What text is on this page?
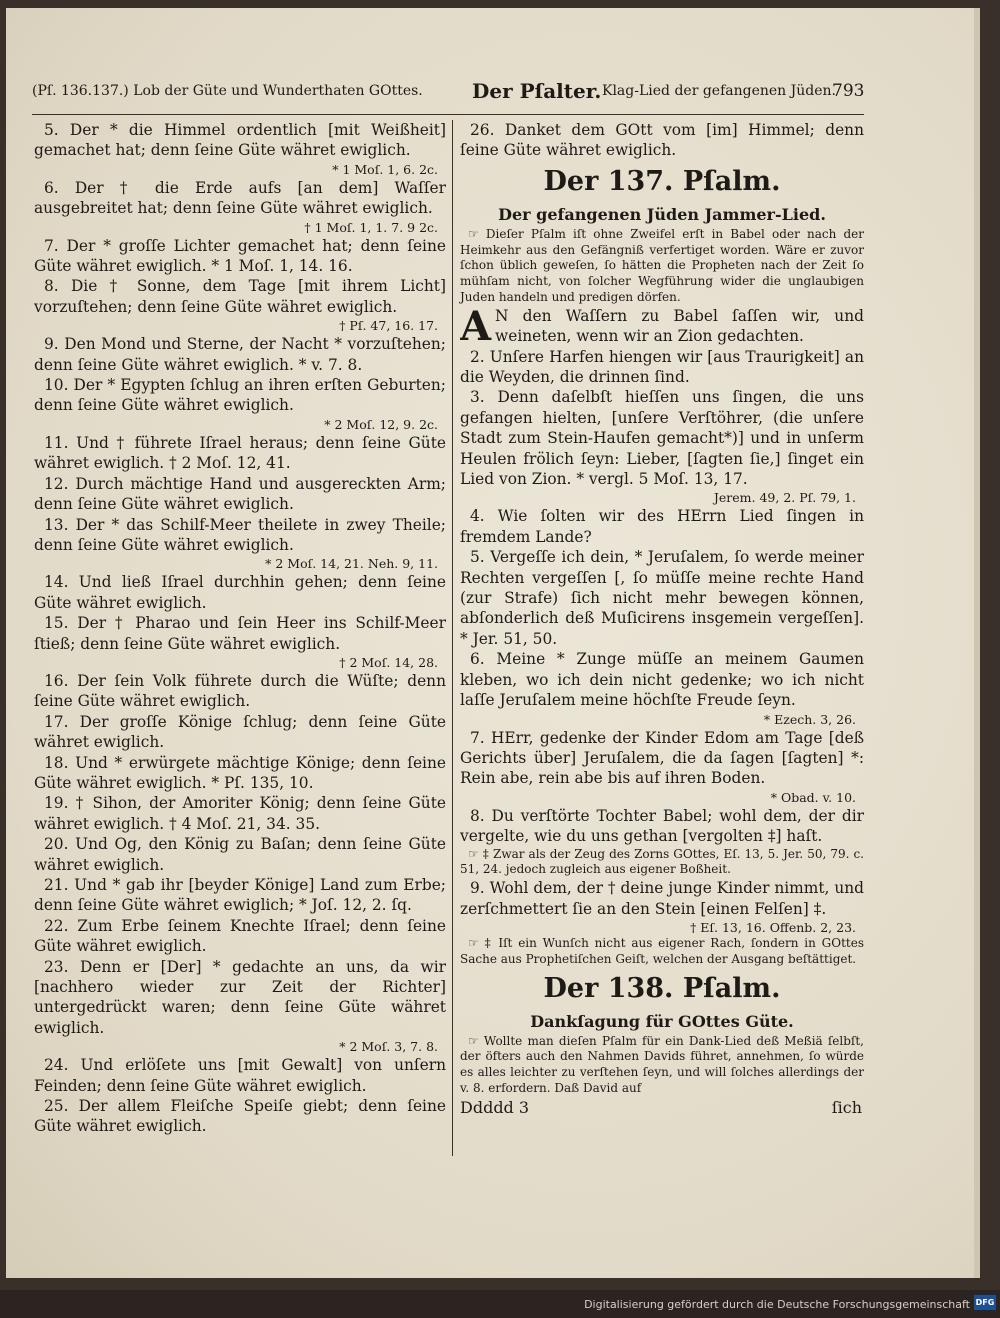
(Pſ. 136.137.) Lob der Güte und Wunderthaten GOttes. Der Pſalter. Klag-Lied der gefangenen Jüden.
793

5. Der * die Himmel ordentlich [mit Weißheit] gemachet hat; denn ſeine Güte währet ewiglich.

* 1 Moſ. 1, 6. 2c.

6. Der † die Erde aufs [an dem] Waſſer ausgebreitet hat; denn ſeine Güte währet ewiglich.

† 1 Moſ. 1, 1. 7. 9 2c.

7. Der * groſſe Lichter gemachet hat; denn ſeine Güte währet ewiglich. * 1 Moſ. 1, 14. 16.

8. Die † Sonne, dem Tage [mit ihrem Licht] vorzuſtehen; denn ſeine Güte währet ewiglich.

† Pſ. 47, 16. 17.

9. Den Mond und Sterne, der Nacht * vorzuſtehen; denn ſeine Güte währet ewiglich. * v. 7. 8.

10. Der * Egypten ſchlug an ihren erſten Geburten; denn ſeine Güte währet ewiglich.

* 2 Moſ. 12, 9. 2c.

11. Und † führete Iſrael heraus; denn ſeine Güte währet ewiglich. † 2 Moſ. 12, 41.

12. Durch mächtige Hand und ausgereckten Arm; denn ſeine Güte währet ewiglich.

13. Der * das Schilf-Meer theilete in zwey Theile; denn ſeine Güte währet ewiglich.

* 2 Moſ. 14, 21. Neh. 9, 11.

14. Und ließ Iſrael durchhin gehen; denn ſeine Güte währet ewiglich.

15. Der † Pharao und ſein Heer ins Schilf-Meer ſtieß; denn ſeine Güte währet ewiglich.

† 2 Moſ. 14, 28.

16. Der ſein Volk führete durch die Wüſte; denn ſeine Güte währet ewiglich.

17. Der groſſe Könige ſchlug; denn ſeine Güte währet ewiglich.

18. Und * erwürgete mächtige Könige; denn ſeine Güte währet ewiglich. * Pſ. 135, 10.

19. † Sihon, der Amoriter König; denn ſeine Güte währet ewiglich. † 4 Moſ. 21, 34. 35.

20. Und Og, den König zu Baſan; denn ſeine Güte währet ewiglich.

21. Und * gab ihr [beyder Könige] Land zum Erbe; denn ſeine Güte währet ewiglich; * Joſ. 12, 2. ſq.

22. Zum Erbe ſeinem Knechte Iſrael; denn ſeine Güte währet ewiglich.

23. Denn er [Der] * gedachte an uns, da wir [nachhero wieder zur Zeit der Richter] untergedrückt waren; denn ſeine Güte währet ewiglich.

* 2 Moſ. 3, 7. 8.

24. Und erlöſete uns [mit Gewalt] von unſern Feinden; denn ſeine Güte währet ewiglich.

25. Der allem Fleiſche Speiſe giebt; denn ſeine Güte währet ewiglich.

26. Danket dem GOtt vom [im] Himmel; denn ſeine Güte währet ewiglich.

Der 137. Pſalm.

Der gefangenen Jüden Jammer-Lied.

☞ Dieſer Pſalm iſt ohne Zweifel erſt in Babel oder nach der Heimkehr aus den Gefängniß verfertiget worden. Wäre er zuvor ſchon üblich geweſen, ſo hätten die Propheten nach der Zeit ſo mühſam nicht, von ſolcher Wegführung wider die unglaubigen Juden handeln und predigen dörfen.

A N den Waſſern zu Babel ſaſſen wir, und weineten, wenn wir an Zion gedachten.

2. Unſere Harfen hiengen wir [aus Traurigkeit] an die Weyden, die drinnen ſind.

3. Denn daſelbſt hieſſen uns ſingen, die uns gefangen hielten, [unſere Verſtöhrer, (die unſere Stadt zum Stein-Haufen gemacht*)] und in unſerm Heulen frölich ſeyn: Lieber, [ſagten ſie,] ſinget ein Lied von Zion. * vergl. 5 Moſ. 13, 17.

Jerem. 49, 2. Pſ. 79, 1.

4. Wie ſolten wir des HErrn Lied ſingen in fremdem Lande?

5. Vergeſſe ich dein, * Jeruſalem, ſo werde meiner Rechten vergeſſen [, ſo müſſe meine rechte Hand (zur Strafe) ſich nicht mehr bewegen können, abſonderlich deß Muſicirens insgemein vergeſſen]. * Jer. 51, 50.

6. Meine * Zunge müſſe an meinem Gaumen kleben, wo ich dein nicht gedenke; wo ich nicht laſſe Jeruſalem meine höchſte Freude ſeyn.

* Ezech. 3, 26.

7. HErr, gedenke der Kinder Edom am Tage [deß Gerichts über] Jeruſalem, die da ſagen [ſagten] *: Rein abe, rein abe bis auf ihren Boden.

* Obad. v. 10.

8. Du verſtörte Tochter Babel; wohl dem, der dir vergelte, wie du uns gethan [vergolten ‡] haſt.

☞ ‡ Zwar als der Zeug des Zorns GOttes, Eſ. 13, 5. Jer. 50, 79. c. 51, 24. jedoch zugleich aus eigener Boßheit.

9. Wohl dem, der † deine junge Kinder nimmt, und zerſchmettert ſie an den Stein [einen Felſen] ‡.

† Eſ. 13, 16. Offenb. 2, 23.

☞ ‡ Iſt ein Wunſch nicht aus eigener Rach, ſondern in GOttes Sache aus Prophetiſchen Geiſt, welchen der Ausgang beſtättiget.

Der 138. Pſalm.

Dankſagung für GOttes Güte.

☞ Wollte man dieſen Pſalm für ein Dank-Lied deß Meßiä ſelbſt, der öfters auch den Nahmen Davids führet, annehmen, ſo würde es alles leichter zu verſtehen ſeyn, und will ſolches allerdings der v. 8. erfordern. Daß David auf

Ddddd 3	ſich
Digitalisierung gefördert durch die Deutsche Forschungsgemeinschaft DFG
